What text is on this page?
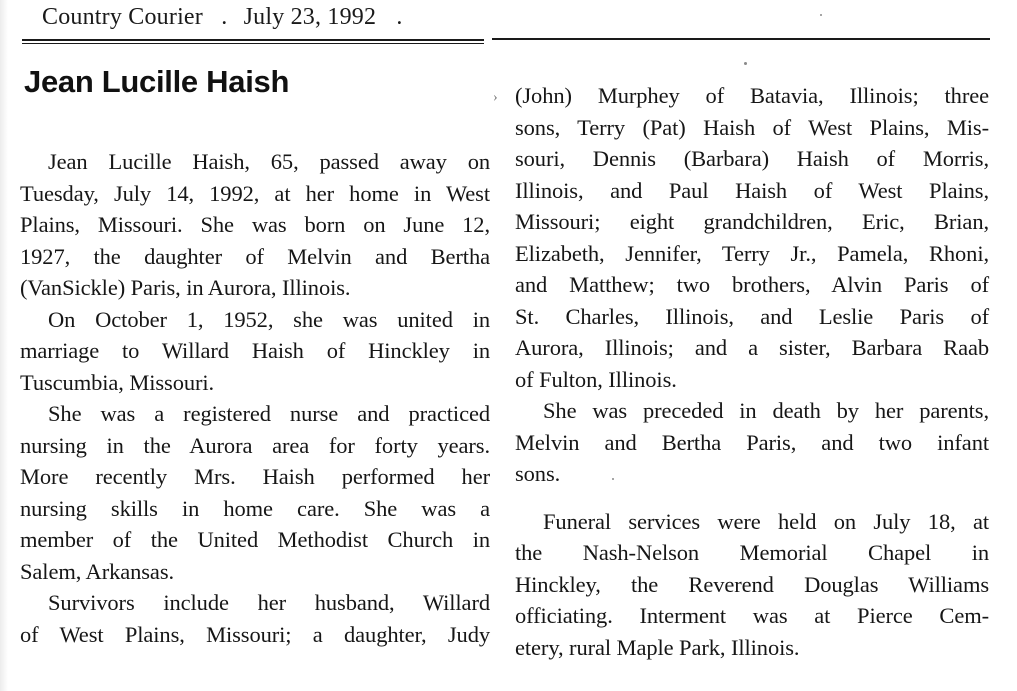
Country Courier . July 23, 1992 .
Jean Lucille Haish	›
Jean Lucille Haish, 65, passed away on
Tuesday, July 14, 1992, at her home in West
Plains, Missouri. She was born on June 12,
1927, the daughter of Melvin and Bertha
(VanSickle) Paris, in Aurora, Illinois.
On October 1, 1952, she was united in
marriage to Willard Haish of Hinckley in
Tuscumbia, Missouri.
She was a registered nurse and practiced
nursing in the Aurora area for forty years.
More recently Mrs. Haish performed her
nursing skills in home care. She was a
member of the United Methodist Church in
Salem, Arkansas.
Survivors include her husband, Willard
of West Plains, Missouri; a daughter, Judy
(John) Murphey of Batavia, Illinois; three
sons, Terry (Pat) Haish of West Plains, Mis-
souri, Dennis (Barbara) Haish of Morris,
Illinois, and Paul Haish of West Plains,
Missouri; eight grandchildren, Eric, Brian,
Elizabeth, Jennifer, Terry Jr., Pamela, Rhoni,
and Matthew; two brothers, Alvin Paris of
St. Charles, Illinois, and Leslie Paris of
Aurora, Illinois; and a sister, Barbara Raab
of Fulton, Illinois.
She was preceded in death by her parents,
Melvin and Bertha Paris, and two infant
sons.
Funeral services were held on July 18, at
the Nash-Nelson Memorial Chapel in
Hinckley, the Reverend Douglas Williams
officiating. Interment was at Pierce Cem-
etery, rural Maple Park, Illinois.
